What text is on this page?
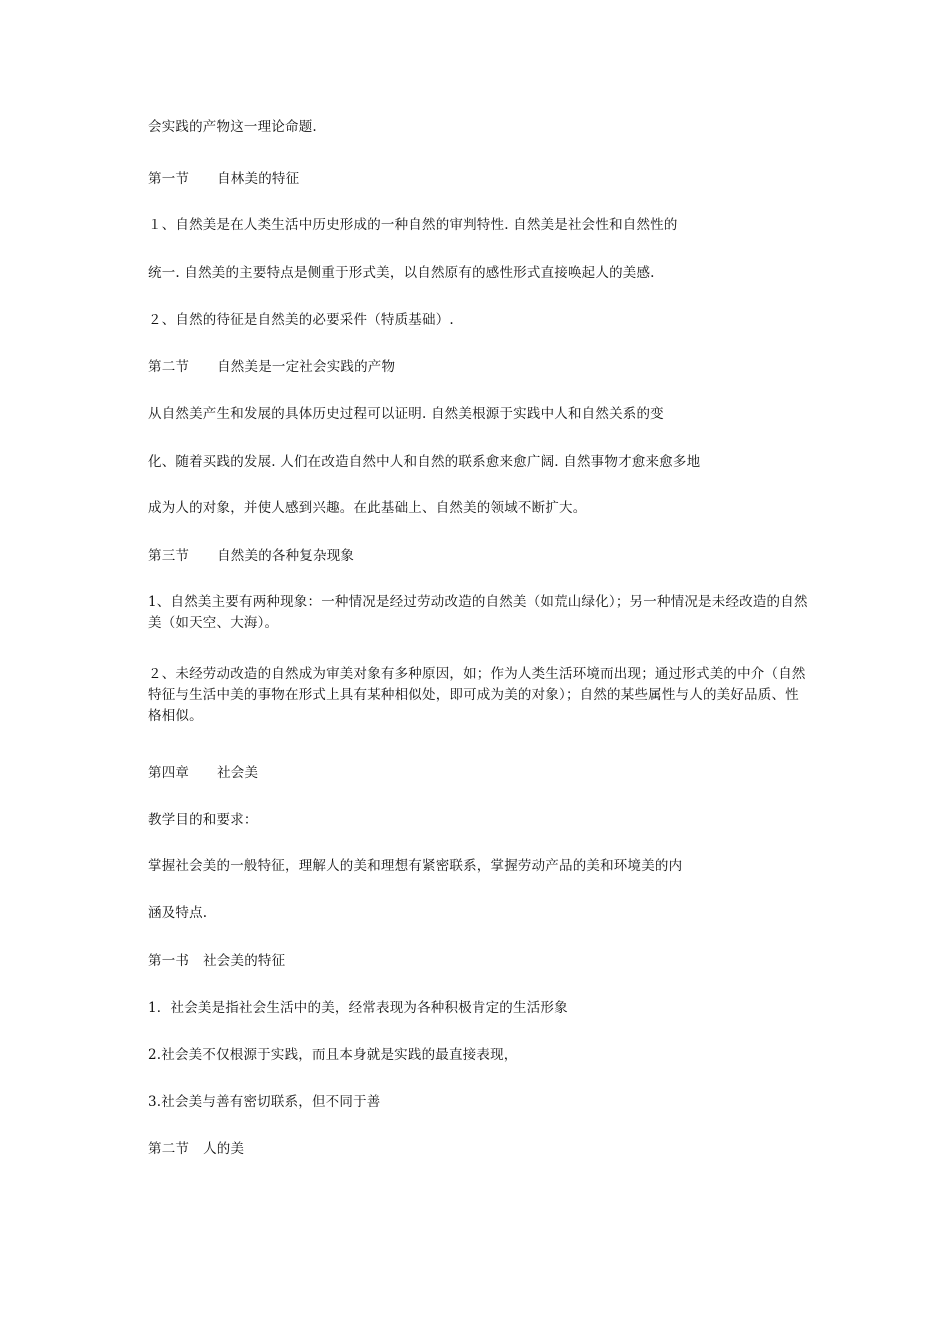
会实践的产物这一理论命题.
第一节 自林美的特征
１、自然美是在人类生活中历史形成的一种自然的审判特性. 自然美是社会性和自然性的
统一. 自然美的主要特点是侧重于形式美，以自然原有的感性形式直接唤起人的美感.
２、自然的待征是自然美的必要采件（特质基础）.
第二节 自然美是一定社会实践的产物
从自然美产生和发展的具体历史过程可以证明. 自然美根源于实践中人和自然关系的变
化、随着买践的发展. 人们在改造自然中人和自然的联系愈来愈广阔. 自然事物才愈来愈多地
成为人的对象，并使人感到兴趣。在此基础上、自然美的领域不断扩大。
第三节 自然美的各种复杂现象
1、自然美主要有两种现象：一种情况是经过劳动改造的自然美（如荒山绿化）；另一种情况是未经改造的自然美（如天空、大海）。
２、未经劳动改造的自然成为审美对象有多种原因，如；作为人类生活环境而出现；通过形式美的中介（自然特征与生活中美的事物在形式上具有某种相似处，即可成为美的对象）；自然的某些属性与人的美好品质、性格相似。
第四章 社会美
教学目的和要求：
掌握社会美的一般特征，理解人的美和理想有紧密联系，掌握劳动产品的美和环境美的内
涵及特点.
第一书 社会美的特征
1．社会美是指社会生活中的美，经常表现为各种积极肯定的生活形象
2.社会美不仅根源于实践，而且本身就是实践的最直接表现，
3.社会美与善有密切联系，但不同于善
第二节 人的美
